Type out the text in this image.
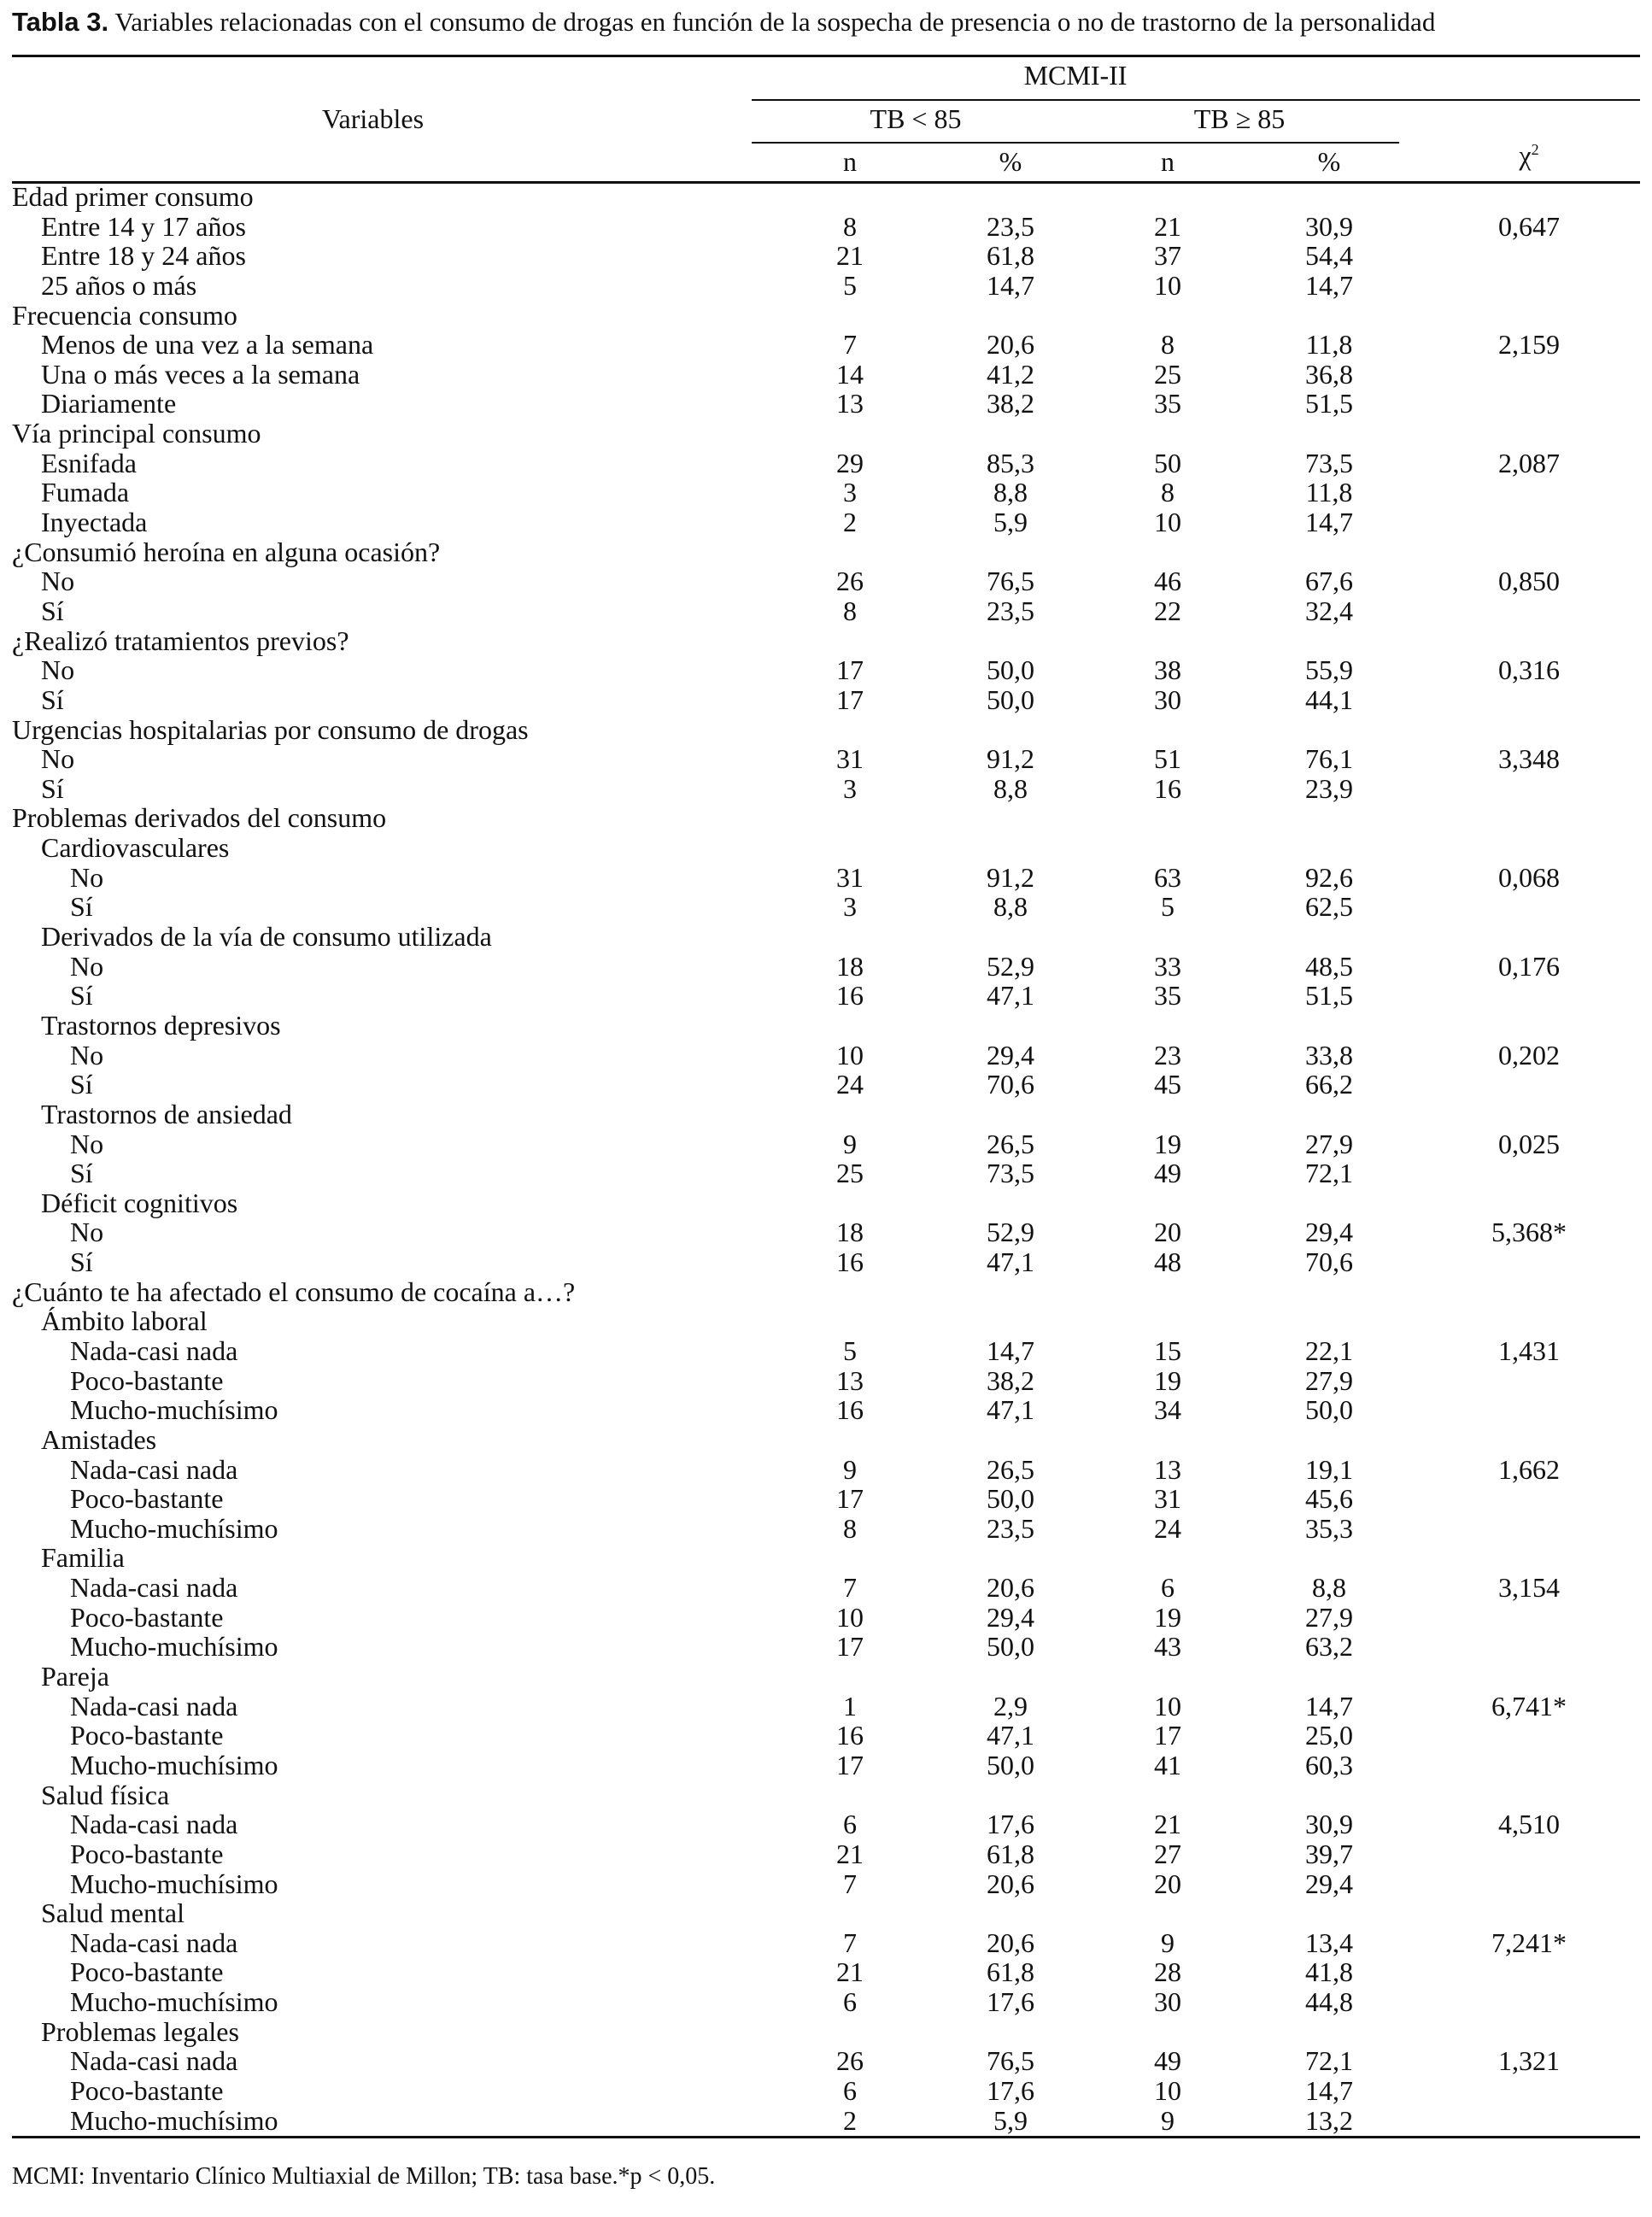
Tabla 3. Variables relacionadas con el consumo de drogas en función de la sospecha de presencia o no de trastorno de la personalidad
Variables
MCMI-II
TB < 85	TB ≥ 85
n	%	n	%	$\chi^2$
Edad primer consumo
Entre 14 y 17 años	8	23,5	21	30,9	0,647
Entre 18 y 24 años	21	61,8	37	54,4
25 años o más	5	14,7	10	14,7
Frecuencia consumo
Menos de una vez a la semana	7	20,6	8	11,8	2,159
Una o más veces a la semana	14	41,2	25	36,8
Diariamente	13	38,2	35	51,5
Vía principal consumo
Esnifada	29	85,3	50	73,5	2,087
Fumada	3	8,8	8	11,8
Inyectada	2	5,9	10	14,7
¿Consumió heroína en alguna ocasión?
No	26	76,5	46	67,6	0,850
Sí	8	23,5	22	32,4
¿Realizó tratamientos previos?
No	17	50,0	38	55,9	0,316
Sí	17	50,0	30	44,1
Urgencias hospitalarias por consumo de drogas
No	31	91,2	51	76,1	3,348
Sí	3	8,8	16	23,9
Problemas derivados del consumo
Cardiovasculares
No	31	91,2	63	92,6	0,068
Sí	3	8,8	5	62,5
Derivados de la vía de consumo utilizada
No	18	52,9	33	48,5	0,176
Sí	16	47,1	35	51,5
Trastornos depresivos
No	10	29,4	23	33,8	0,202
Sí	24	70,6	45	66,2
Trastornos de ansiedad
No	9	26,5	19	27,9	0,025
Sí	25	73,5	49	72,1
Déficit cognitivos
No	18	52,9	20	29,4	5,368*
Sí	16	47,1	48	70,6
¿Cuánto te ha afectado el consumo de cocaína a…?
Ámbito laboral
Nada-casi nada	5	14,7	15	22,1	1,431
Poco-bastante	13	38,2	19	27,9
Mucho-muchísimo	16	47,1	34	50,0
Amistades
Nada-casi nada	9	26,5	13	19,1	1,662
Poco-bastante	17	50,0	31	45,6
Mucho-muchísimo	8	23,5	24	35,3
Familia
Nada-casi nada	7	20,6	6	8,8	3,154
Poco-bastante	10	29,4	19	27,9
Mucho-muchísimo	17	50,0	43	63,2
Pareja
Nada-casi nada	1	2,9	10	14,7	6,741*
Poco-bastante	16	47,1	17	25,0
Mucho-muchísimo	17	50,0	41	60,3
Salud física
Nada-casi nada	6	17,6	21	30,9	4,510
Poco-bastante	21	61,8	27	39,7
Mucho-muchísimo	7	20,6	20	29,4
Salud mental
Nada-casi nada	7	20,6	9	13,4	7,241*
Poco-bastante	21	61,8	28	41,8
Mucho-muchísimo	6	17,6	30	44,8
Problemas legales
Nada-casi nada	26	76,5	49	72,1	1,321
Poco-bastante	6	17,6	10	14,7
Mucho-muchísimo	2	5,9	9	13,2
MCMI: Inventario Clínico Multiaxial de Millon; TB: tasa base.*p < 0,05.
